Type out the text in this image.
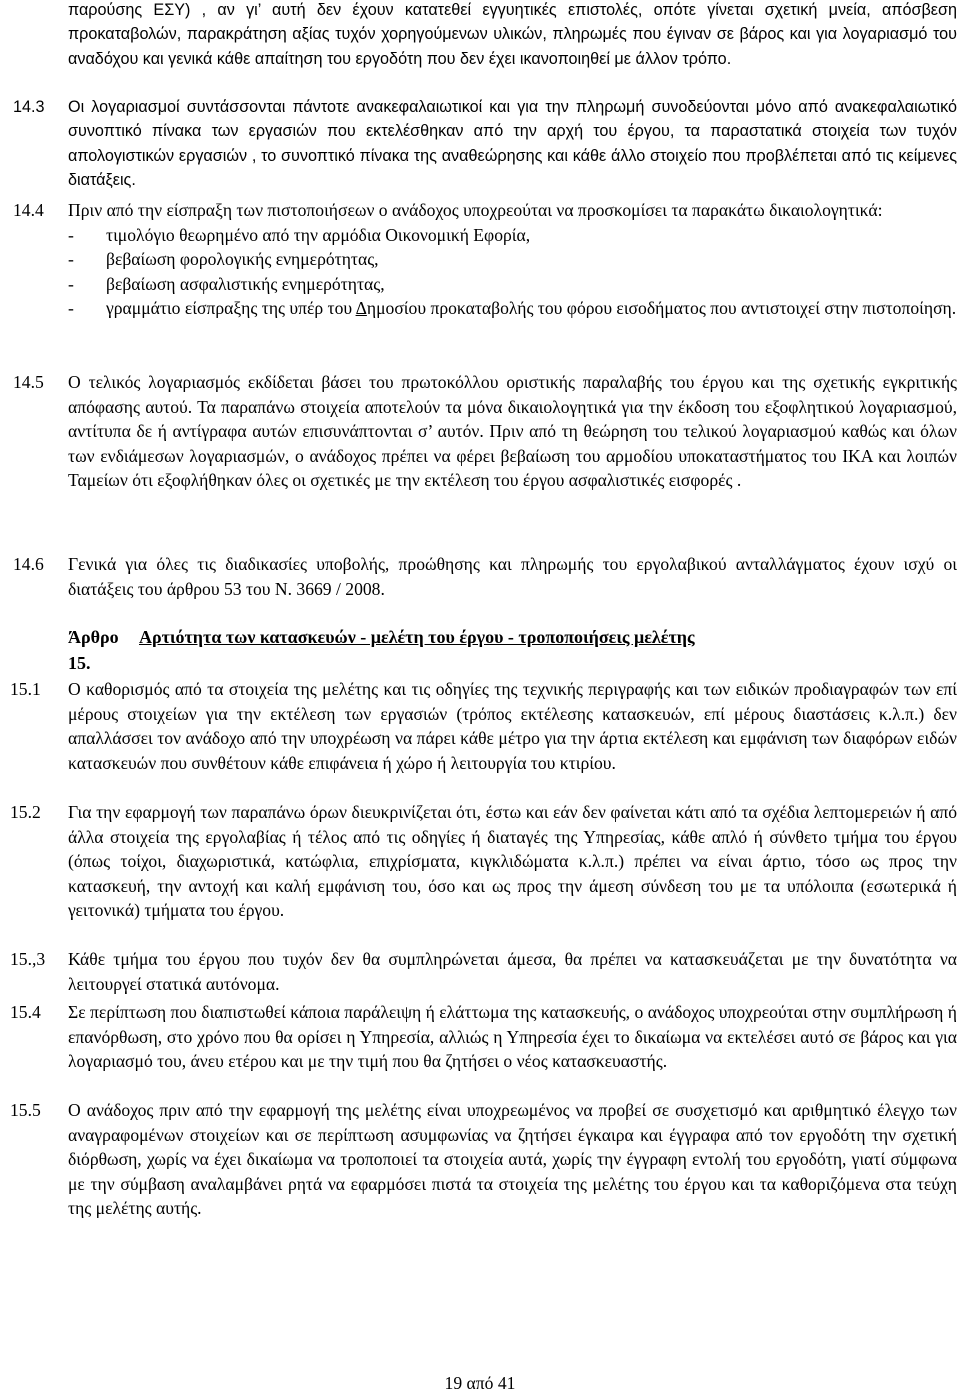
παρούσης ΕΣΥ) , αν γι’ αυτή δεν έχουν κατατεθεί εγγυητικές επιστολές, οπότε γίνεται σχετική μνεία, απόσβεση προκαταβολών, παρακράτηση αξίας τυχόν χορηγούμενων υλικών, πληρωμές που έγιναν σε βάρος και για λογαριασμό του αναδόχου και γενικά κάθε απαίτηση του εργοδότη που δεν έχει ικανοποιηθεί με άλλον τρόπο.
14.3	Οι λογαριασμοί συντάσσονται πάντοτε ανακεφαλαιωτικοί και για την πληρωμή συνοδεύονται μόνο από ανακεφαλαιωτικό συνοπτικό πίνακα των εργασιών που εκτελέσθηκαν από την αρχή του έργου, τα παραστατικά στοιχεία των τυχόν απολογιστικών εργασιών , το συνοπτικό πίνακα της αναθεώρησης και κάθε άλλο στοιχείο που προβλέπεται από τις κείμενες διατάξεις.
14.4	Πριν από την είσπραξη των πιστοποιήσεων ο ανάδοχος υποχρεούται να προσκομίσει τα παρακάτω δικαιολογητικά:

-	τιμολόγιο θεωρημένο από την αρμόδια Οικονομική Εφορία,
-	βεβαίωση φορολογικής ενημερότητας,
-	βεβαίωση ασφαλιστικής ενημερότητας,
-	γραμμάτιο είσπραξης της υπέρ του Δημοσίου προκαταβολής του φόρου εισοδήματος που αντιστοιχεί στην πιστοποίηση.
14.5	Ο τελικός λογαριασμός εκδίδεται βάσει του πρωτοκόλλου οριστικής παραλαβής του έργου και της σχετικής εγκριτικής απόφασης αυτού. Τα παραπάνω στοιχεία αποτελούν τα μόνα δικαιολογητικά για την έκδοση του εξοφλητικού λογαριασμού, αντίτυπα δε ή αντίγραφα αυτών επισυνάπτονται σ’ αυτόν. Πριν από τη θεώρηση του τελικού λογαριασμού καθώς και όλων των ενδιάμεσων λογαριασμών, ο ανάδοχος πρέπει να φέρει βεβαίωση του αρμοδίου υποκαταστήματος του ΙΚΑ και λοιπών Ταμείων ότι εξοφλήθηκαν όλες οι σχετικές με την εκτέλεση του έργου ασφαλιστικές εισφορές .
14.6	Γενικά για όλες τις διαδικασίες υποβολής, προώθησης και πληρωμής του εργολαβικού ανταλλάγματος έχουν ισχύ οι διατάξεις του άρθρου 53 του Ν. 3669 / 2008.
Άρθρο 15.
Αρτιότητα των κατασκευών - μελέτη του έργου - τροποποιήσεις μελέτης
15.1	Ο καθορισμός από τα στοιχεία της μελέτης και τις οδηγίες της τεχνικής περιγραφής και των ειδικών προδιαγραφών των επί μέρους στοιχείων για την εκτέλεση των εργασιών (τρόπος εκτέλεσης κατασκευών, επί μέρους διαστάσεις κ.λ.π.) δεν απαλλάσσει τον ανάδοχο από την υποχρέωση να πάρει κάθε μέτρο για την άρτια εκτέλεση και εμφάνιση των διαφόρων ειδών κατασκευών που συνθέτουν κάθε επιφάνεια ή χώρο ή λειτουργία του κτιρίου.
15.2	Για την εφαρμογή των παραπάνω όρων διευκρινίζεται ότι, έστω και εάν δεν φαίνεται κάτι από τα σχέδια λεπτομερειών ή από άλλα στοιχεία της εργολαβίας ή τέλος από τις οδηγίες ή διαταγές της Υπηρεσίας, κάθε απλό ή σύνθετο τμήμα του έργου (όπως τοίχοι, διαχωριστικά, κατώφλια, επιχρίσματα, κιγκλιδώματα κ.λ.π.) πρέπει να είναι άρτιο, τόσο ως προς την κατασκευή, την αντοχή και καλή εμφάνιση του, όσο και ως προς την άμεση σύνδεση του με τα υπόλοιπα (εσωτερικά ή γειτονικά) τμήματα του έργου.
15.,3	Κάθε τμήμα του έργου που τυχόν δεν θα συμπληρώνεται άμεσα, θα πρέπει να κατασκευάζεται με την δυνατότητα να λειτουργεί στατικά αυτόνομα.
15.4	Σε περίπτωση που διαπιστωθεί κάποια παράλειψη ή ελάττωμα της κατασκευής, ο ανάδοχος υποχρεούται στην συμπλήρωση ή επανόρθωση, στο χρόνο που θα ορίσει η Υπηρεσία, αλλιώς η Υπηρεσία έχει το δικαίωμα να εκτελέσει αυτό σε βάρος και για λογαριασμό του, άνευ ετέρου και με την τιμή που θα ζητήσει ο νέος κατασκευαστής.
15.5	Ο ανάδοχος πριν από την εφαρμογή της μελέτης είναι υποχρεωμένος να προβεί σε συσχετισμό και αριθμητικό έλεγχο των αναγραφομένων στοιχείων και σε περίπτωση ασυμφωνίας να ζητήσει έγκαιρα και έγγραφα από τον εργοδότη την σχετική διόρθωση, χωρίς να έχει δικαίωμα να τροποποιεί τα στοιχεία αυτά, χωρίς την έγγραφη εντολή του εργοδότη, γιατί σύμφωνα με την σύμβαση αναλαμβάνει ρητά να εφαρμόσει πιστά τα στοιχεία της μελέτης του έργου και τα καθοριζόμενα στα τεύχη της μελέτης αυτής.
19 από 41
